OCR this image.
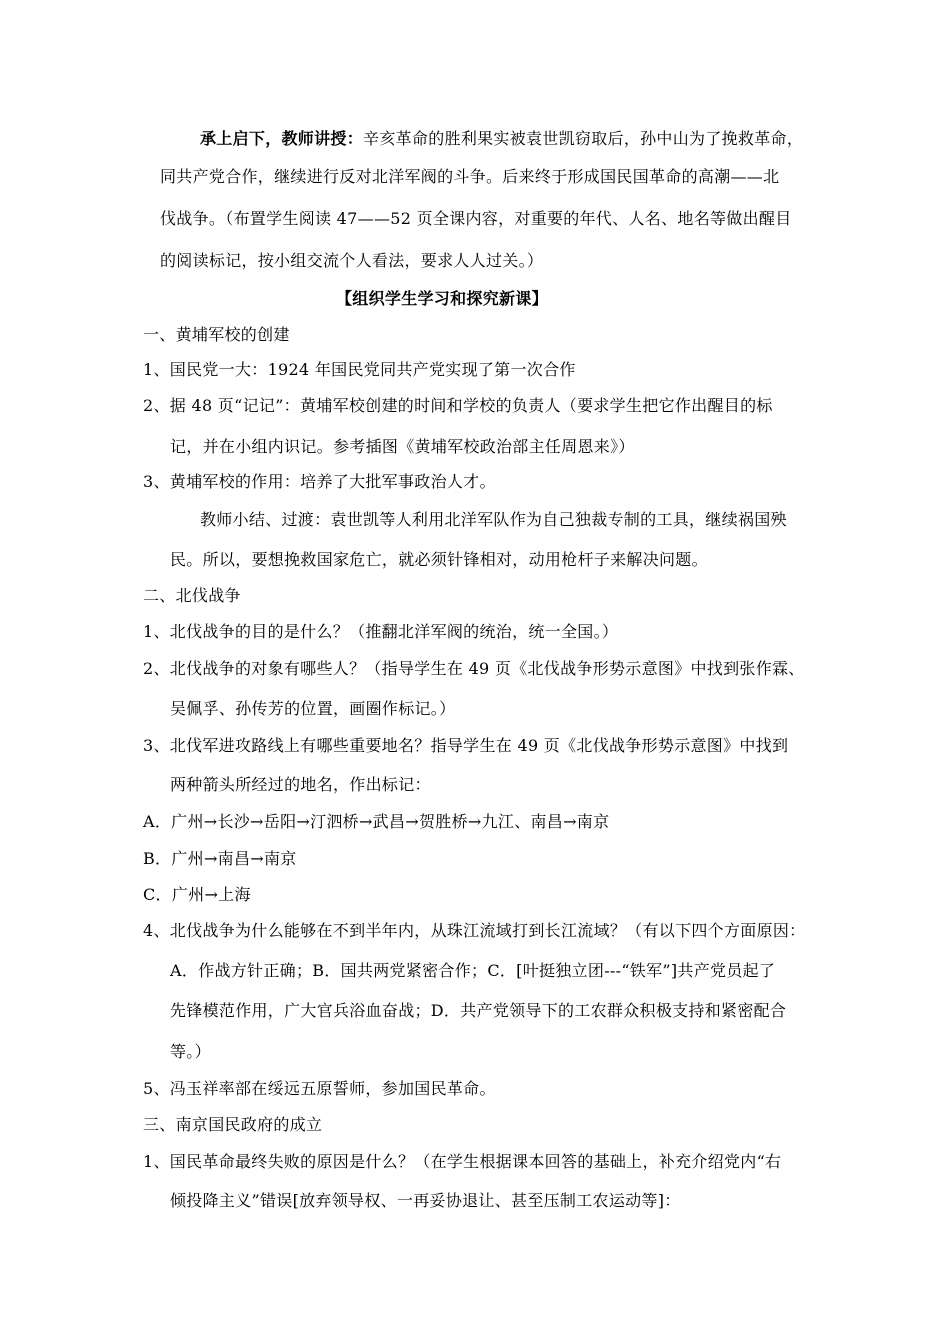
承上启下，教师讲授：辛亥革命的胜利果实被袁世凯窃取后，孙中山为了挽救革命，
同共产党合作，继续进行反对北洋军阀的斗争。后来终于形成国民国革命的高潮——北
伐战争。（布置学生阅读 47——52 页全课内容，对重要的年代、人名、地名等做出醒目
的阅读标记，按小组交流个人看法，要求人人过关。）
【组织学生学习和探究新课】
一、黄埔军校的创建
1、国民党一大：1924 年国民党同共产党实现了第一次合作
2、据 48 页“记记”：黄埔军校创建的时间和学校的负责人（要求学生把它作出醒目的标
记，并在小组内识记。参考插图《黄埔军校政治部主任周恩来》）
3、黄埔军校的作用：培养了大批军事政治人才。
教师小结、过渡：袁世凯等人利用北洋军队作为自己独裁专制的工具，继续祸国殃
民。所以，要想挽救国家危亡，就必须针锋相对，动用枪杆子来解决问题。
二、北伐战争
1、北伐战争的目的是什么？（推翻北洋军阀的统治，统一全国。）
2、北伐战争的对象有哪些人？（指导学生在 49 页《北伐战争形势示意图》中找到张作霖、
吴佩孚、孙传芳的位置，画圈作标记。）
3、北伐军进攻路线上有哪些重要地名？指导学生在 49 页《北伐战争形势示意图》中找到
两种箭头所经过的地名，作出标记：
A．广州→长沙→岳阳→汀泗桥→武昌→贺胜桥→九江、南昌→南京
B．广州→南昌→南京
C．广州→上海
4、北伐战争为什么能够在不到半年内，从珠江流域打到长江流域？（有以下四个方面原因：
A．作战方针正确；B．国共两党紧密合作；C．[叶挺独立团---“铁军”]共产党员起了
先锋模范作用，广大官兵浴血奋战；D．共产党领导下的工农群众积极支持和紧密配合
等。）
5、冯玉祥率部在绥远五原誓师，参加国民革命。
三、南京国民政府的成立
1、国民革命最终失败的原因是什么？（在学生根据课本回答的基础上，补充介绍党内“右
倾投降主义”错误[放弃领导权、一再妥协退让、甚至压制工农运动等]：
